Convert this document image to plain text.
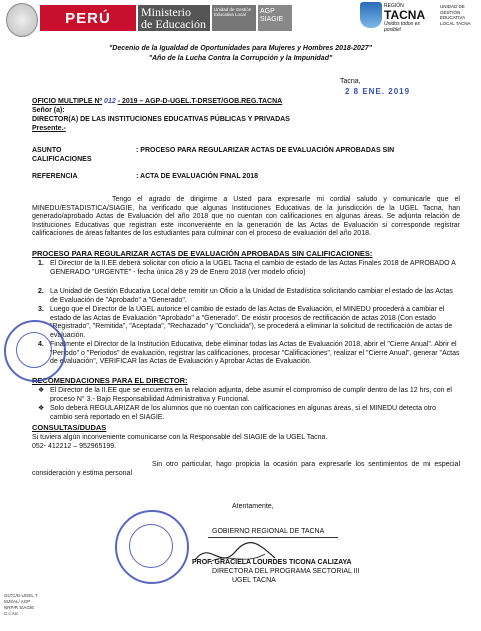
PERÚ	Ministerio
de Educación
Unidad de Gestión Educativa Local	AGP SIAGIE
REGIÓN
TACNA
Unidos todos es posible!
UNIDAD DE GESTIÓN EDUCATIVA LOCAL TACNA
"Decenio de la Igualdad de Oportunidades para Mujeres y Hombres 2018-2027"
"Año de la Lucha Contra la Corrupción y la Impunidad"
Tacna,
2 8 ENE. 2019
OFICIO MULTIPLE Nº 012 - 2019 – AGP-D-UGEL.T-DRSET/GOB.REG.TACNA
Señor (a):
DIRECTOR(A) DE LAS INSTITUCIONES EDUCATIVAS PÚBLICAS Y PRIVADAS
Presente.-
ASUNTO	: PROCESO PARA REGULARIZAR ACTAS DE EVALUACIÓN APROBADAS SIN
CALIFICACIONES
REFERENCIA	: ACTA DE EVALUACIÓN FINAL 2018
Tengo el agrado de dirigirme a Usted para expresarle mi cordial saludo y comunicarle que el MINEDU/ESTADISTICA/SIAGIE, ha verificado que algunas Instituciones Educativas de la jurisdicción de la UGEL Tacna, han generado/aprobado Actas de Evaluación del año 2018 que no cuentan con calificaciones en algunas áreas. Se adjunta relación de Instituciones Educativas que registran este inconveniente en la generación de las Actas de Evaluación si corresponde registrar calificaciones de áreas faltantes de los estudiantes para culminar con el proceso de evaluación del año 2018.
PROCESO PARA REGULARIZAR ACTAS DE EVALUACIÓN APROBADAS SIN CALIFICACIONES:
1. El Director de la II.EE deberá solicitar con oficio a la UGEL Tacna el cambio de estado de las Actas Finales 2018 de APROBADO A GENERADO "URGENTE" - fecha única 28 y 29 de Enero 2018 (ver modelo oficio)
2. La Unidad de Gestión Educativa Local debe remitir un Oficio a la Unidad de Estadística solicitando cambiar el estado de las Actas de Evaluación de "Aprobado" a "Generado".
3. Luego que el Director de la UGEL autorice el cambio de estado de las Actas de Evaluación, el MINEDU procederá a cambiar el estado de las Actas de Evaluación "Aprobado" a "Generado". De existir procesos de rectificación de actas 2018 (Con estado "Registrado", "Remitida", "Aceptada", "Rechazado" y "Concluida"), se procederá a eliminar la solicitud de rectificación de actas de evaluación.
4. Finalmente el Director de la Institución Educativa, debe eliminar todas las Actas de Evaluación 2018, abrir el "Cierre Anual". Abrir el "Periodo" o "Periodos" de evaluación, registrar las calificaciones, procesar "Calificaciones", realizar el "Cierre Anual", generar "Actas de evaluación", VERIFICAR las Actas de Evaluación y Aprobar Actas de Evaluación.
RECOMENDACIONES PARA EL DIRECTOR:
❖ El Director de la II.EE que se encuentra en la relación adjunta, debe asumir el compromiso de cumplir dentro de las 12 hrs, con el proceso N° 3.- Bajo Responsabilidad Administrativa y Funcional.
❖ Solo deberá REGULARIZAR de los alumnos que no cuentan con calificaciones en algunas áreas, si el MINEDU detecta otro cambio será reportado en el SIAGIE.
CONSULTAS/DUDAS
Si tuviera algún inconveniente comunicarse con la Responsable del SIAGIE de la UGEL Tacna.
052- 412212 – 952965199.
Sin otro particular, hago propicia la ocasión para expresarle los sentimientos de mi especial consideración y estima personal
Atentamente,
GOBIERNO REGIONAL DE TACNA
PROF. GRACIELA LOURDES TICONA CALIZAYA
DIRECTORA DEL PROGRAMA SECTORIAL III
UGEL TACNA
GLTC/D-UGEL T
MJSAL/ AGP
NRP/R SIAGIE
C.c Arc
